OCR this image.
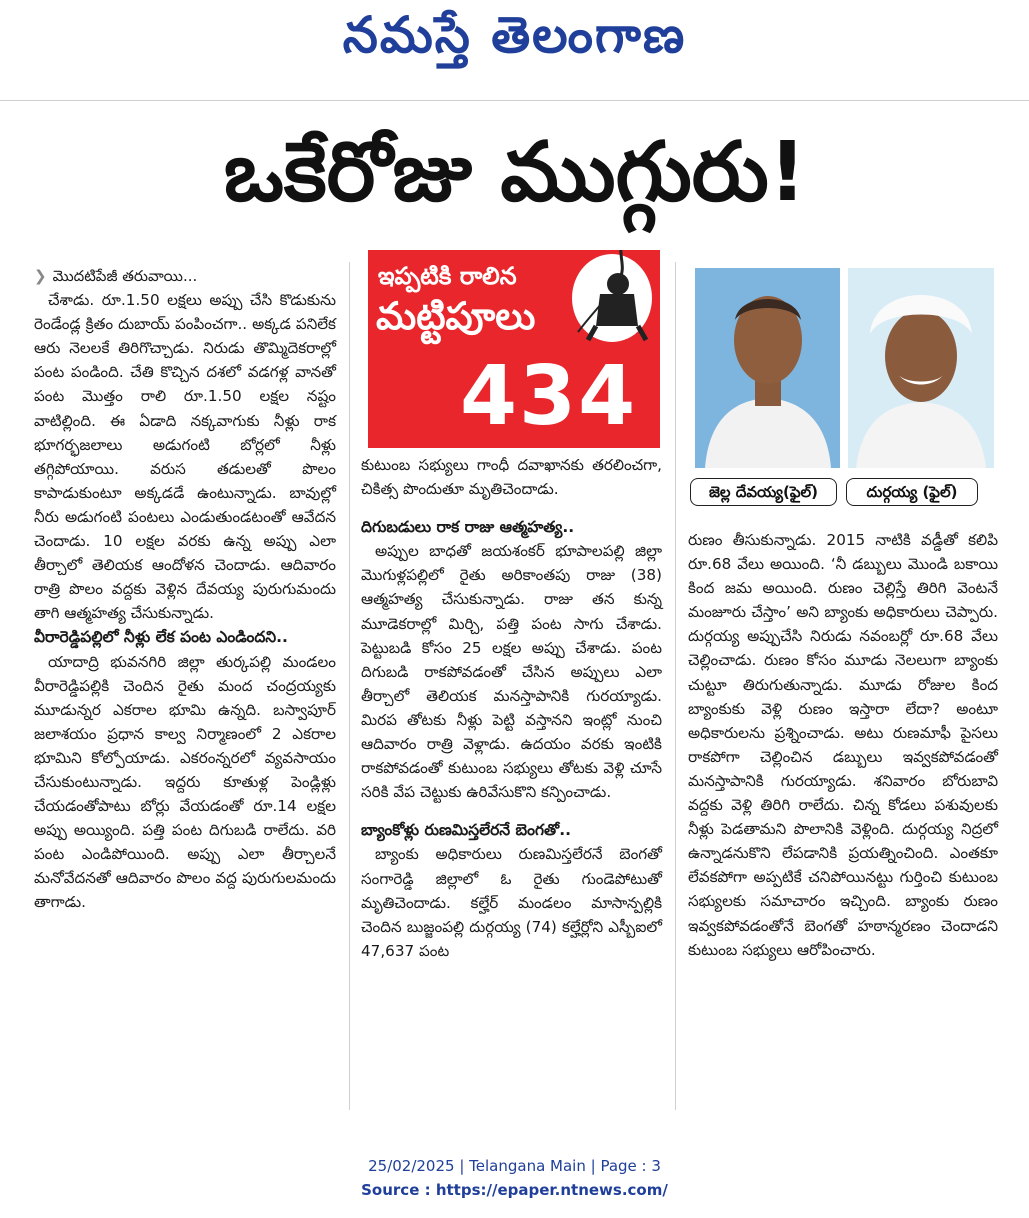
నమస్తే తెలంగాణ
ఒకేరోజు ముగ్గురు!

❯ మొదటిపేజీ తరువాయి...

చేశాడు. రూ.1.50 లక్షలు అప్పు చేసి కొడుకును రెండేండ్ల క్రితం దుబాయ్ పంపించగా.. అక్కడ పనిలేక ఆరు నెలలకే తిరిగొచ్చాడు. నిరుడు తొమ్మిదెకరాల్లో పంట పండింది. చేతి కొచ్చిన దశలో వడగళ్ల వానతో పంట మొత్తం రాలి రూ.1.50 లక్షల నష్టం వాటిల్లింది. ఈ ఏడాది నక్కవాగుకు నీళ్లు రాక భూగర్భజలాలు అడుగంటి బోర్లలో నీళ్లు తగ్గిపోయాయి. వరుస తడులతో పొలం కాపాడుకుంటూ అక్కడడే ఉంటున్నాడు. బావుల్లో నీరు అడుగంటి పంటలు ఎండుతుండటంతో ఆవేదన చెందాడు. 10 లక్షల వరకు ఉన్న అప్పు ఎలా తీర్చాలో తెలియక ఆందోళన చెందాడు. ఆదివారం రాత్రి పొలం వద్దకు వెళ్లిన దేవయ్య పురుగుమందు తాగి ఆత్మహత్య చేసుకున్నాడు.

వీరారెడ్డిపల్లిలో నీళ్లు లేక పంట ఎండిందని..

యాదాద్రి భువనగిరి జిల్లా తుర్కపల్లి మండలం వీరారెడ్డిపల్లికి చెందిన రైతు మంద చంద్రయ్యకు మూడున్నర ఎకరాల భూమి ఉన్నది. బస్వాపూర్ జలాశయం ప్రధాన కాల్వ నిర్మాణంలో 2 ఎకరాల భూమిని కోల్పోయాడు. ఎకరంన్నరలో వ్యవసాయం చేసుకుంటున్నాడు. ఇద్దరు కూతుళ్ల పెండ్లిళ్లు చేయడంతోపాటు బోర్లు వేయడంతో రూ.14 లక్షల అప్పు అయ్యింది. పత్తి పంట దిగుబడి రాలేదు. వరి పంట ఎండిపోయింది. అప్పు ఎలా తీర్చాలనే మనోవేదనతో ఆదివారం పొలం వద్ద పురుగులమందు తాగాడు.

ఇప్పటికి రాలిన
మట్టిపూలు
434

కుటుంబ సభ్యులు గాంధీ దవాఖానకు తరలించగా, చికిత్స పొందుతూ మృతిచెందాడు.

దిగుబడులు రాక రాజు ఆత్మహత్య..

అప్పుల బాధతో జయశంకర్ భూపాలపల్లి జిల్లా మొగుళ్లపల్లిలో రైతు అరికాంతపు రాజు (38) ఆత్మహత్య చేసుకున్నాడు. రాజు తన కున్న మూడెకరాల్లో మిర్చి, పత్తి పంట సాగు చేశాడు. పెట్టుబడి కోసం 25 లక్షల అప్పు చేశాడు. పంట దిగుబడి రాకపోవడంతో చేసిన అప్పులు ఎలా తీర్చాలో తెలియక మనస్తాపానికి గురయ్యాడు. మిరప తోటకు నీళ్లు పెట్టి వస్తానని ఇంట్లో నుంచి ఆదివారం రాత్రి వెళ్లాడు. ఉదయం వరకు ఇంటికి రాకపోవడంతో కుటుంబ సభ్యులు తోటకు వెళ్లి చూసే సరికి వేప చెట్టుకు ఉరివేసుకొని కన్పించాడు.

బ్యాంకోళ్లు రుణమిస్తలేరనే బెంగతో..

బ్యాంకు అధికారులు రుణమిస్తలేరనే బెంగతో సంగారెడ్డి జిల్లాలో ఓ రైతు గుండెపోటుతో మృతిచెందాడు. కల్హేర్ మండలం మాసాన్పల్లికి చెందిన బుజ్జంపల్లి దుర్గయ్య (74) కల్హేర్లోని ఎస్బీఐలో 47,637 పంట

జెల్ల దేవయ్య(ఫైల్)	దుర్గయ్య (ఫైల్)

రుణం తీసుకున్నాడు. 2015 నాటికి వడ్డీతో కలిపి రూ.68 వేలు అయింది. ‘నీ డబ్బులు మొండి బకాయి కింద జమ అయింది. రుణం చెల్లిస్తే తిరిగి వెంటనే మంజూరు చేస్తాం’ అని బ్యాంకు అధికారులు చెప్పారు. దుర్గయ్య అప్పుచేసి నిరుడు నవంబర్లో రూ.68 వేలు చెల్లించాడు. రుణం కోసం మూడు నెలలుగా బ్యాంకు చుట్టూ తిరుగుతున్నాడు. మూడు రోజుల కింద బ్యాంకుకు వెళ్లి రుణం ఇస్తారా లేదా? అంటూ అధికారులను ప్రశ్నించాడు. అటు రుణమాఫీ పైసలు రాకపోగా చెల్లించిన డబ్బులు ఇవ్వకపోవడంతో మనస్తాపానికి గురయ్యాడు. శనివారం బోరుబావి వద్దకు వెళ్లి తిరిగి రాలేదు. చిన్న కోడలు పశువులకు నీళ్లు పెడతామని పొలానికి వెళ్లింది. దుర్గయ్య నిద్రలో ఉన్నాడనుకొని లేపడానికి ప్రయత్నించింది. ఎంతకూ లేవకపోగా అప్పటికే చనిపోయినట్టు గుర్తించి కుటుంబ సభ్యులకు సమాచారం ఇచ్చింది. బ్యాంకు రుణం ఇవ్వకపోవడంతోనే బెంగతో హఠాన్మరణం చెందాడని కుటుంబ సభ్యులు ఆరోపించారు.

25/02/2025 | Telangana Main | Page : 3
Source : https://epaper.ntnews.com/
